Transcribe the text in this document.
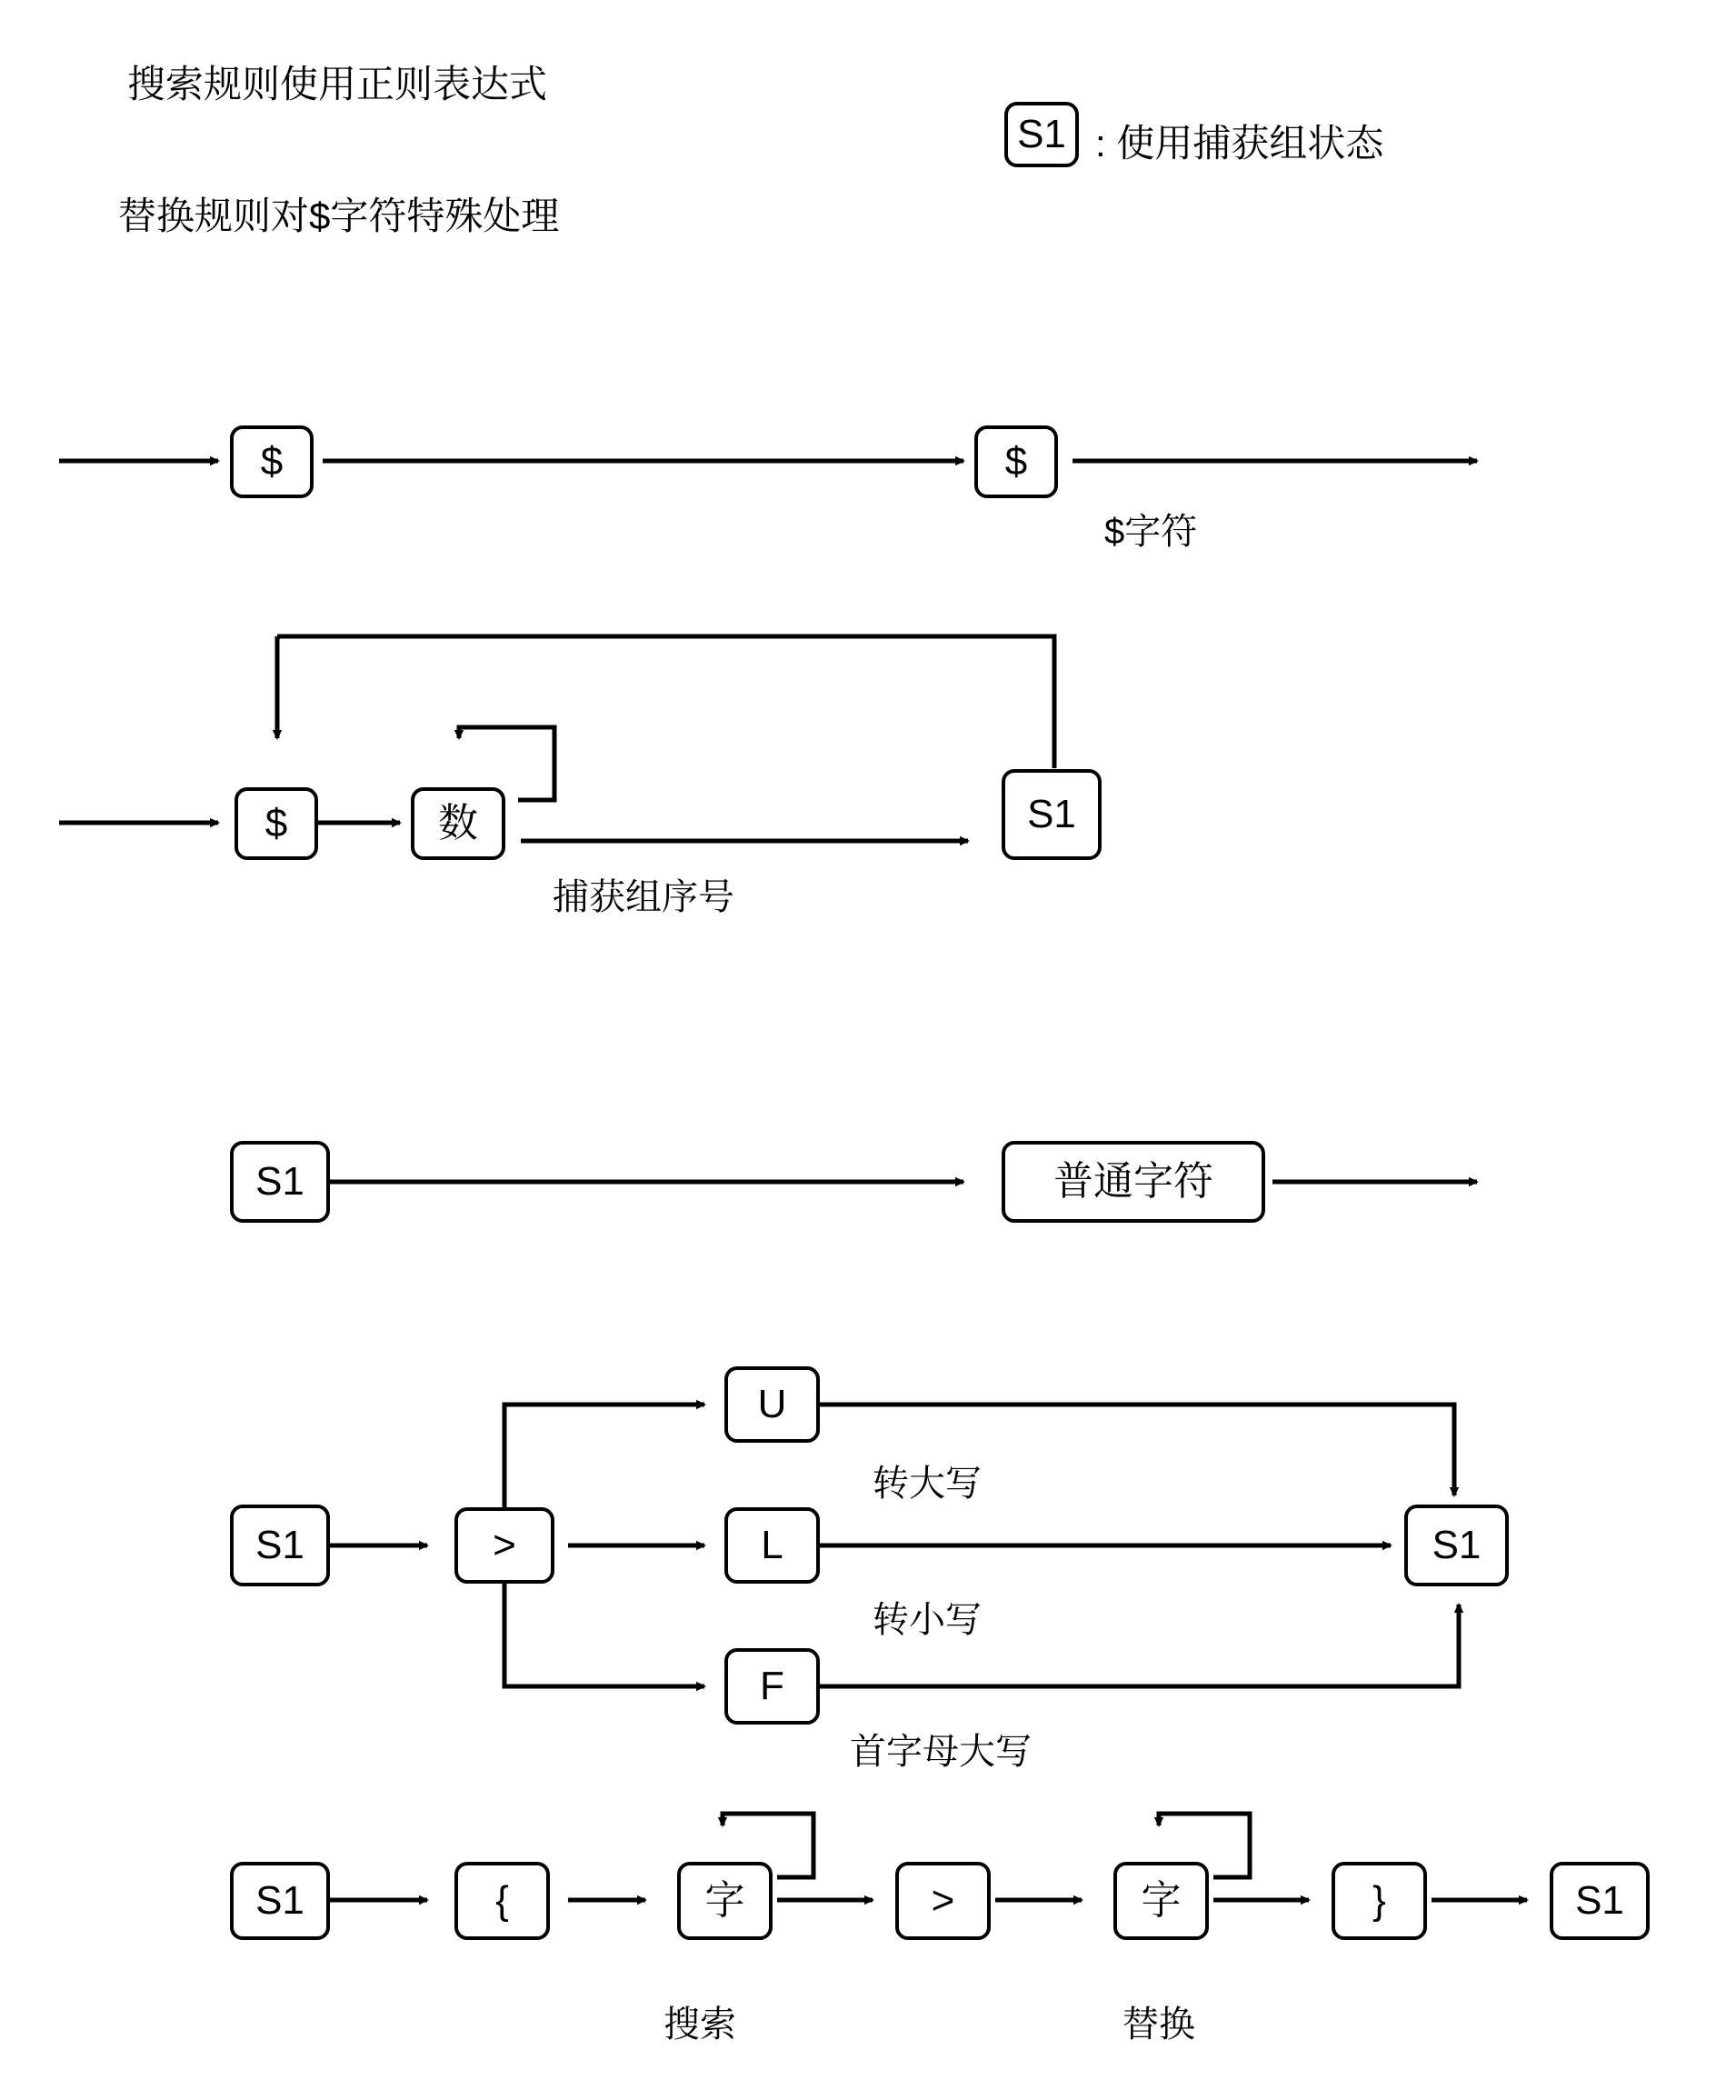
搜索规则使用正则表达式
替换规则对$字符特殊处理
S1 : 使用捕获组状态
$	$
$字符
$	数	S1
捕获组序号
S1	普通字符
S1	>
U
L
F
S1
转大写
转小写
首字母大写
S1	{	字	>	字	}	S1
搜索	替换
